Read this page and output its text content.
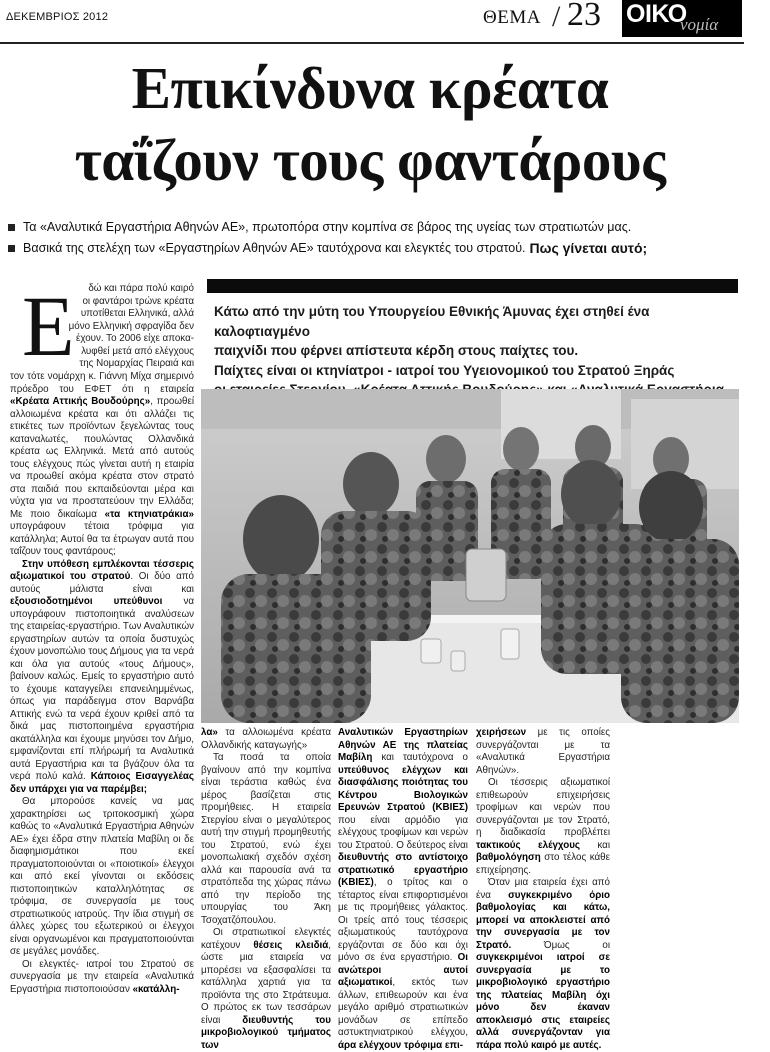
ΔΕΚΕΜΒΡΙΟΣ 2012	ΘΕΜΑ / 23 ΟΙΚΟ
νομία
Επικίνδυνα κρέατα
ταΐζουν τους φαντάρους
Τα «Αναλυτικά Εργαστήρια Αθηνών ΑΕ», πρωτοπόρα στην κομπίνα σε βάρος της υγείας των στρατιωτών μας.
Βασικά της στελέχη των «Εργαστηρίων Αθηνών ΑΕ» ταυτόχρονα και ελεγκτές του στρατού. Πως γίνεται αυτό;
Κάτω από την μύτη του Υπουργείου Εθνικής Άμυνας έχει στηθεί ένα καλοφτιαγμένο
παιχνίδι που φέρνει απίστευτα κέρδη στους παίχτες του.
Παίχτες είναι οι κτηνίατροι - ιατροί του Υγειονομικού του Στρατού Ξηράς
Ε	δώ και πάρα πολύ καιρό
οι φαντάροι τρώνε κρέατα
υποτίθεται Ελληνικά, αλλά
μόνο Ελληνική σφραγίδα δεν
έχουν. Το 2006 είχε αποκα-
λυφθεί μετά από ελέγχους
της Νομαρχίας Πειραιά και

τον τότε νομάρχη κ. Γιάννη Μίχα σημερινό πρόεδρο του ΕΦΕΤ ότι η εταιρεία «Κρέατα Αττικής Βουδούρης», προωθεί αλλοιωμένα κρέατα και ότι αλλάζει τις ετικέτες των προϊόντων ξεγελώντας τους καταναλωτές, πουλώντας Ολλανδικά κρέατα ως Ελληνικά. Μετά από αυτούς τους ελέγχους πώς γίνεται αυτή η εταιρία να προωθεί ακόμα κρέατα στον στρατό στα παιδιά που εκπαιδεύονται μέρα και νύχτα για να προστατεύουν την Ελλάδα; Με ποιο δικαίωμα «τα κτηνιατράκια» υπογράφουν τέτοια τρόφιμα για κατάλληλα; Αυτοί θα τα έτρωγαν αυτά που ταΐζουν τους φαντάρους;

Στην υπόθεση εμπλέκονται τέσσερις αξιωματικοί του στρατού. Οι δύο από αυτούς μάλιστα είναι και εξουσιοδοτημένοι υπεύθυνοι να υπογράφουν πιστοποιητικά αναλύσεων της εταιρείας-εργαστήριο. Των Αναλυτικών εργαστηρίων αυτών τα οποία δυστυχώς έχουν μονοπώλιο τους Δήμους για τα νερά και όλα για αυτούς «τους Δήμους», βαίνουν καλώς. Εμείς το εργαστήριο αυτό το έχουμε καταγγείλει επανειλημμένως, όπως για παράδειγμα στον Βαρνάβα Αττικής ενώ τα νερά έχουν κριθεί από τα δικά μας πιστοποιημένα εργαστήρια ακατάλληλα και έχουμε μηνύσει τον Δήμο, εμφανίζονται επί πλήρωμή τα Αναλυτικά αυτά Εργαστήρια και τα βγάζουν όλα τα νερά πολύ καλά. Κάποιος Εισαγγελέας δεν υπάρχει για να παρέμβει;

Θα μπορούσε κανείς να μας χαρακτηρίσει ως τριτοκοσμική χώρα καθώς το «Αναλυτικά Εργαστήρια Αθηνών ΑΕ» έχει έδρα στην πλατεία Μαβίλη οι δε διαφημισμάτικοι που εκεί πραγματοποιούνται οι «ποιοτικοί» έλεγχοι και από εκεί γίνονται οι εκδόσεις πιστοποιητικών καταλληλότητας σε τρόφιμα, σε συνεργασία με τους στρατιωτικούς ιατρούς. Την ίδια στιγμή σε άλλες χώρες του εξωτερικού οι έλεγχοι είναι οργανωμένοι και πραγματοποιούνται σε μεγάλες μονάδες.

Οι ελεγκτές- ιατροί του Στρατού σε συνεργασία με την εταιρεία «Αναλυτικά Εργαστήρια πιστοποιούσαν «κατάλλη-

λα» τα αλλοιωμένα κρέατα Ολλανδικής καταγωγής»

Τα ποσά τα οποία βγαίνουν από την κομπίνα είναι τεράστια καθώς ένα μέρος βασίζεται στις προμήθειες. Η εταιρεία Στεργίου είναι ο μεγαλύτερος αυτή την στιγμή προμηθευτής του Στρατού, ενώ έχει μονοπωλιακή σχεδόν σχέση αλλά και παρουσία ανά τα στρατόπεδα της χώρας πάνω από την περίοδο της υπουργίας του Άκη Τσοχατζόπουλου.

Οι στρατιωτικοί ελεγκτές κατέχουν θέσεις κλειδιά, ώστε μια εταιρεία να μπορέσει να εξασφαλίσει τα κατάλληλα χαρτιά για τα προϊόντα της στο Στράτευμα. Ο πρώτος εκ των τεσσάρων είναι διευθυντής του μικροβιολογικού τμήματος των

Αναλυτικών Εργαστηρίων Αθηνών ΑΕ της πλατείας Μαβίλη και ταυτόχρονα ο υπεύθυνος ελέγχων και διασφάλισης ποιότητας του Κέντρου Βιολογικών Ερευνών Στρατού (ΚΒΙΕΣ) που είναι αρμόδιο για ελέγχους τροφίμων και νερών του Στρατού. Ο δεύτερος είναι διευθυντής στο αντίστοιχο στρατιωτικό εργαστήριο (ΚΒΙΕΣ), ο τρίτος και ο τέταρτος είναι επιφορτισμένοι με τις προμήθειες γάλακτος. Οι τρείς από τους τέσσερις αξιωματικούς ταυτόχρονα εργάζονται σε δύο και όχι μόνο σε ένα εργαστήριο. Οι ανώτεροι αυτοί αξιωματικοί, εκτός των άλλων, επιθεωρούν και ένα μεγάλο αριθμό στρατιωτικών μονάδων σε επίπεδο αστυκτηνιατρικού ελέγχου, άρα ελέγχουν τρόφιμα επι-

χειρήσεων με τις οποίες συνεργάζονται με τα «Αναλυτικά Εργαστήρια Αθηνών».

Οι τέσσερις αξιωματικοί επιθεωρούν επιχειρήσεις τροφίμων και νερών που συνεργάζονται με τον Στρατό, η διαδικασία προβλέπει τακτικούς ελέγχους και βαθμολόγηση στο τέλος κάθε επιχείρησης.

Όταν μια εταιρεία έχει από ένα συγκεκριμένο όριο βαθμολογίας και κάτω, μπορεί να αποκλειστεί από την συνεργασία με τον Στρατό. Όμως οι συγκεκριμένοι ιατροί σε συνεργασία με το μικροβιολογικό εργαστήριο της πλατείας Μαβίλη όχι μόνο δεν έκαναν αποκλεισμό στις εταιρείες αλλά συνεργάζονταν για πάρα πολύ καιρό με αυτές.
